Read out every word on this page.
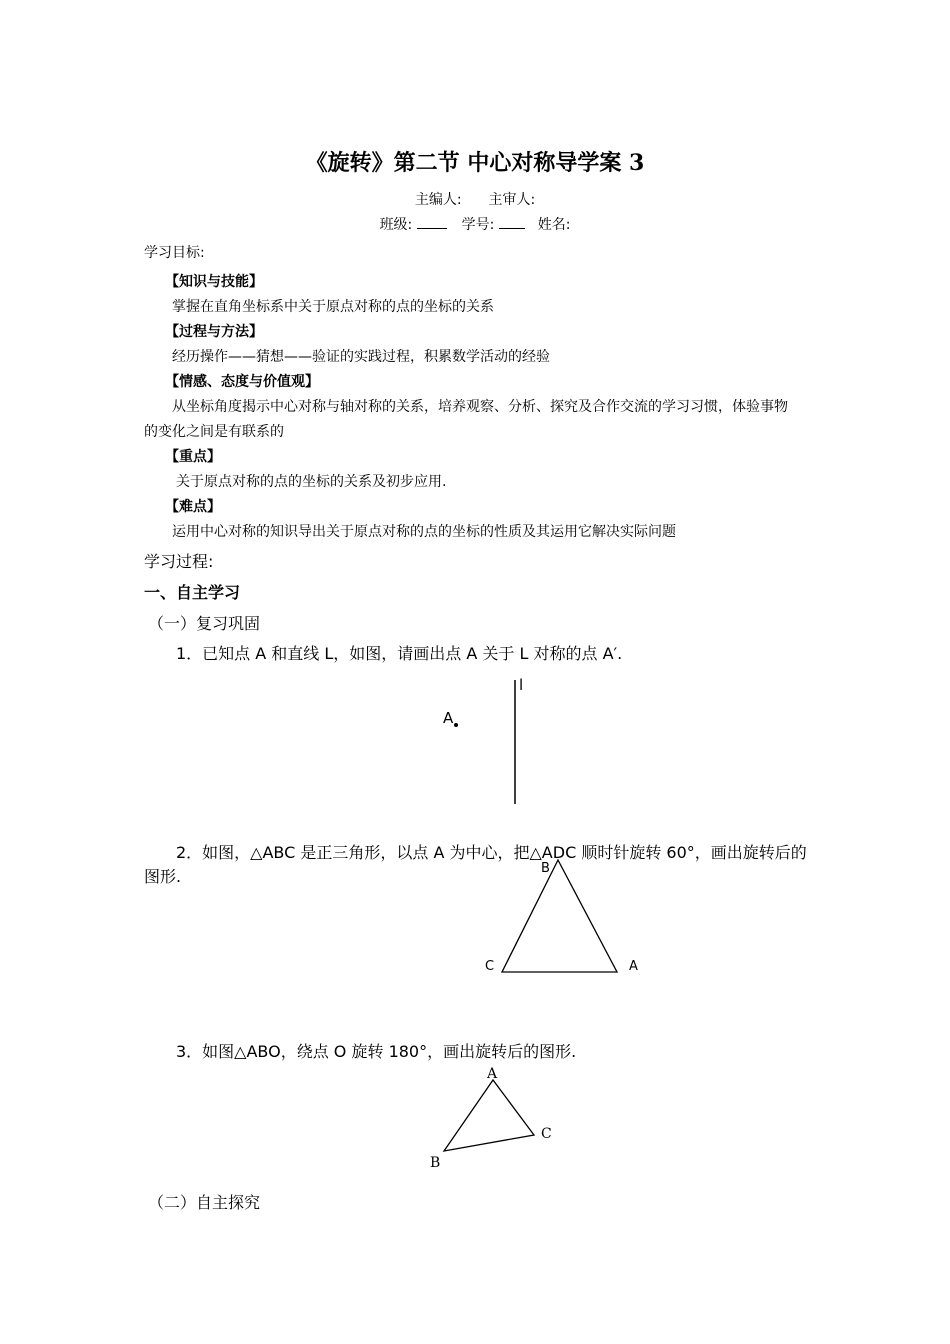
《旋转》第二节 中心对称导学案 3
主编人: 主审人:
班级:	学号:	姓名:
学习目标:
【知识与技能】
掌握在直角坐标系中关于原点对称的点的坐标的关系
【过程与方法】
经历操作——猜想——验证的实践过程，积累数学活动的经验
【情感、态度与价值观】
从坐标角度揭示中心对称与轴对称的关系，培养观察、分析、探究及合作交流的学习习惯，体验事物
的变化之间是有联系的
【重点】
关于原点对称的点的坐标的关系及初步应用.
【难点】
运用中心对称的知识导出关于原点对称的点的坐标的性质及其运用它解决实际问题
学习过程:
一、自主学习
（一）复习巩固
1．已知点 A 和直线 L，如图，请画出点 A 关于 L 对称的点 A′.
l
A
2．如图，△ABC 是正三角形，以点 A 为中心，把△ADC 顺时针旋转 60°，画出旋转后的
图形.	B
C	A
3．如图△ABO，绕点 O 旋转 180°，画出旋转后的图形.
A
B
C
（二）自主探究
